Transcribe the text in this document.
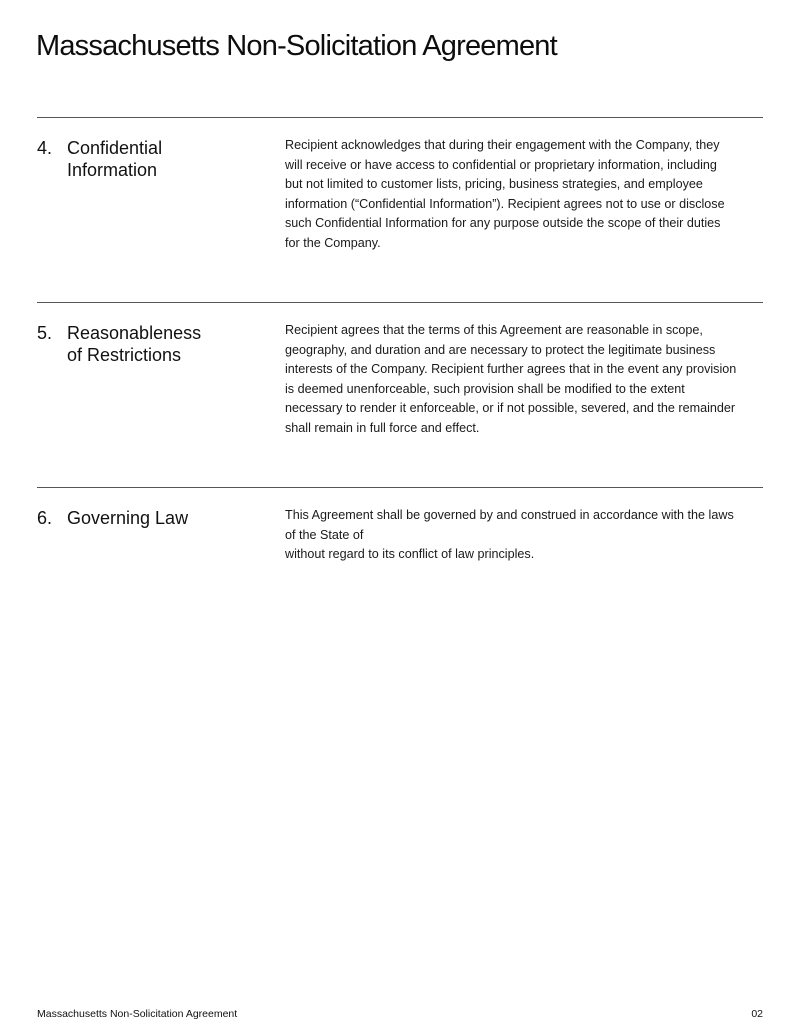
Massachusetts Non-Solicitation Agreement
4. Confidential
Information
Recipient acknowledges that during their engagement with the Company, they
will receive or have access to confidential or proprietary information, including
but not limited to customer lists, pricing, business strategies, and employee
information (“Confidential Information”). Recipient agrees not to use or disclose
such Confidential Information for any purpose outside the scope of their duties
for the Company.
5. Reasonableness
of Restrictions
Recipient agrees that the terms of this Agreement are reasonable in scope,
geography, and duration and are necessary to protect the legitimate business
interests of the Company. Recipient further agrees that in the event any provision
is deemed unenforceable, such provision shall be modified to the extent
necessary to render it enforceable, or if not possible, severed, and the remainder
shall remain in full force and effect.
6. Governing Law	This Agreement shall be governed by and construed in accordance with the laws
of the State of
without regard to its conflict of law principles.
Massachusetts Non-Solicitation Agreement	02
